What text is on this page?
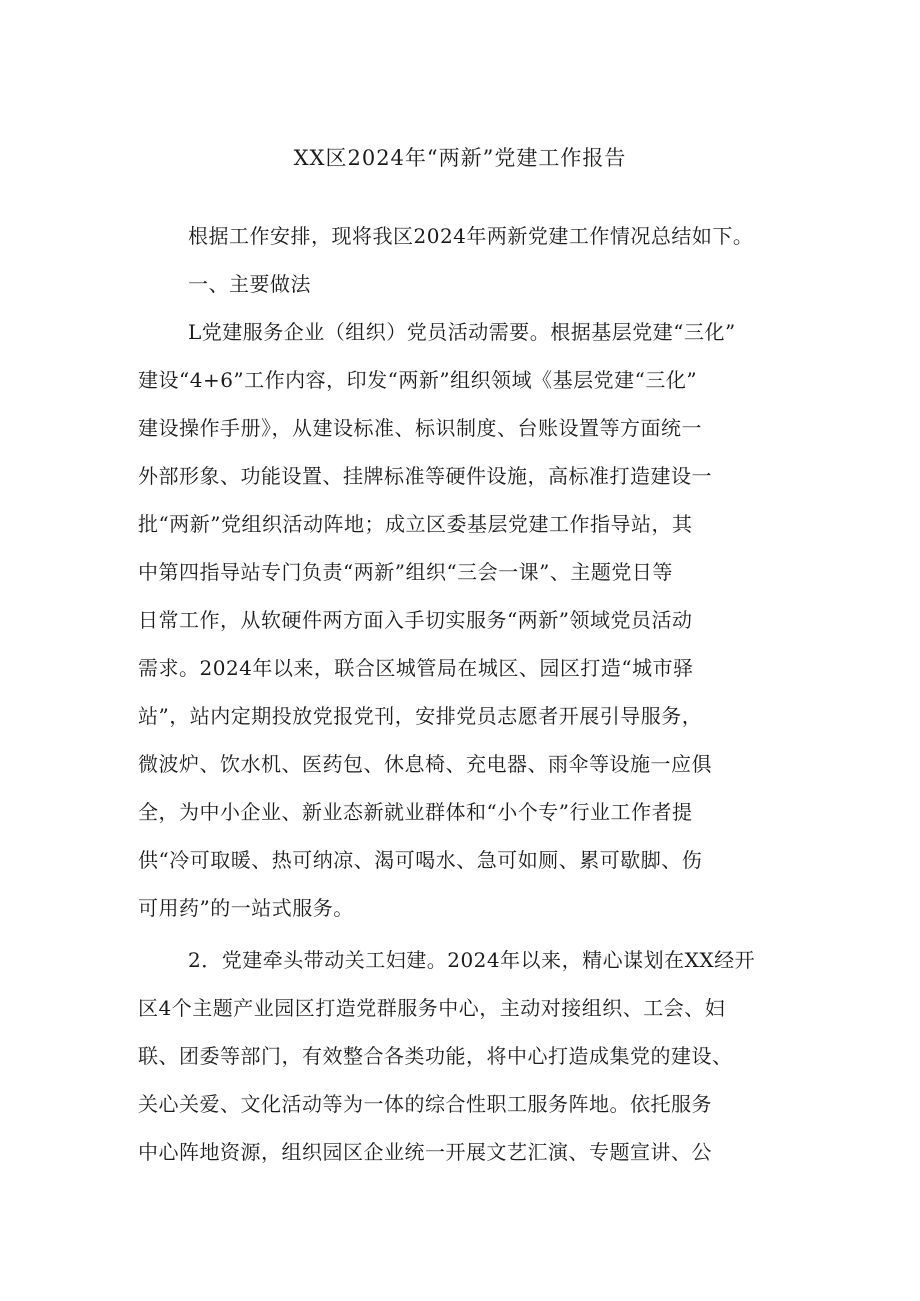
XX区2024年“两新”党建工作报告
根据工作安排，现将我区2024年两新党建工作情况总结如下。
一、主要做法
L党建服务企业（组织）党员活动需要。根据基层党建“三化”
建设“4+6”工作内容，印发“两新”组织领域《基层党建“三化”
建设操作手册》，从建设标准、标识制度、台账设置等方面统一
外部形象、功能设置、挂牌标准等硬件设施，高标准打造建设一
批“两新”党组织活动阵地；成立区委基层党建工作指导站，其
中第四指导站专门负责“两新”组织“三会一课”、主题党日等
日常工作，从软硬件两方面入手切实服务“两新”领域党员活动
需求。2024年以来，联合区城管局在城区、园区打造“城市驿
站”，站内定期投放党报党刊，安排党员志愿者开展引导服务，
微波炉、饮水机、医药包、休息椅、充电器、雨伞等设施一应俱
全，为中小企业、新业态新就业群体和“小个专”行业工作者提
供“冷可取暖、热可纳凉、渴可喝水、急可如厕、累可歇脚、伤
可用药”的一站式服务。
2．党建牵头带动关工妇建。2024年以来，精心谋划在XX经开
区4个主题产业园区打造党群服务中心，主动对接组织、工会、妇
联、团委等部门，有效整合各类功能，将中心打造成集党的建设、
关心关爱、文化活动等为一体的综合性职工服务阵地。依托服务
中心阵地资源，组织园区企业统一开展文艺汇演、专题宣讲、公
